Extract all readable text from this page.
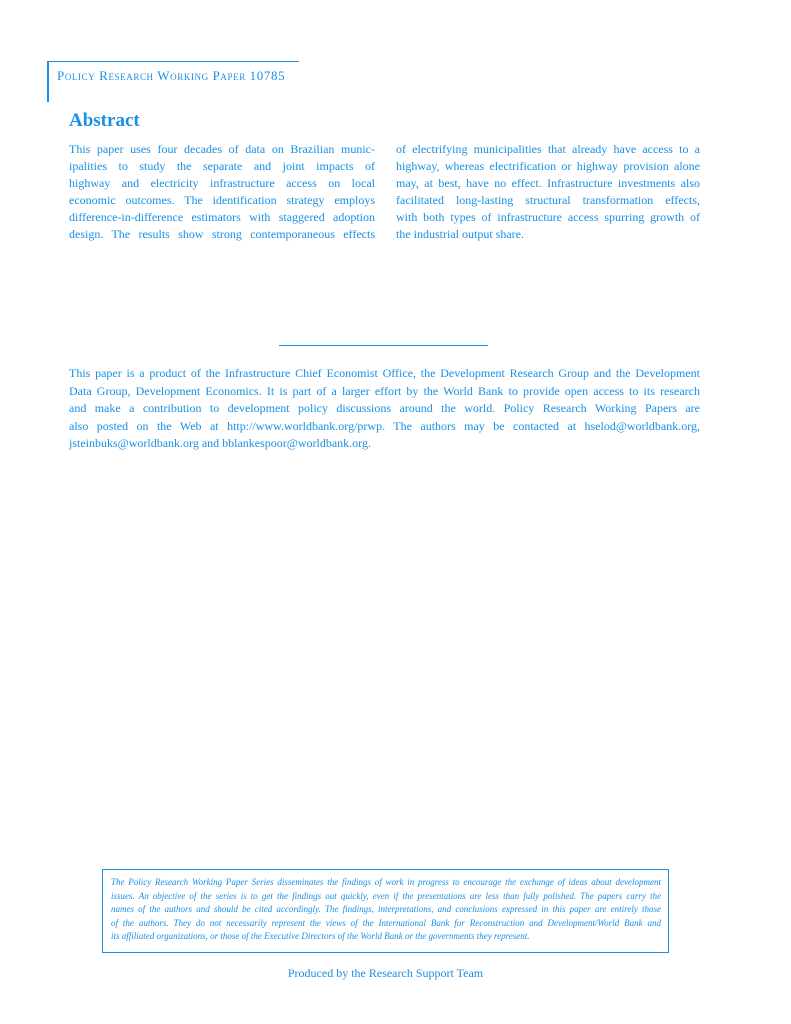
Policy Research Working Paper 10785
Abstract
This paper uses four decades of data on Brazilian munic-
ipalities to study the separate and joint impacts of
highway and electricity infrastructure access on local
economic outcomes. The identification strategy employs
difference-in-difference estimators with staggered adoption
design. The results show strong contemporaneous effects
of electrifying municipalities that already have access to a
highway, whereas electrification or highway provision alone
may, at best, have no effect. Infrastructure investments also
facilitated long-lasting structural transformation effects,
with both types of infrastructure access spurring growth of
the industrial output share.
This paper is a product of the Infrastructure Chief Economist Office, the Development Research Group and the Development
Data Group, Development Economics. It is part of a larger effort by the World Bank to provide open access to its research
and make a contribution to development policy discussions around the world. Policy Research Working Papers are
also posted on the Web at http://www.worldbank.org/prwp. The authors may be contacted at hselod@worldbank.org,
jsteinbuks@worldbank.org and bblankespoor@worldbank.org.
The Policy Research Working Paper Series disseminates the findings of work in progress to encourage the exchange of ideas about development
issues. An objective of the series is to get the findings out quickly, even if the presentations are less than fully polished. The papers carry the
names of the authors and should be cited accordingly. The findings, interpretations, and conclusions expressed in this paper are entirely those
of the authors. They do not necessarily represent the views of the International Bank for Reconstruction and Development/World Bank and
its affiliated organizations, or those of the Executive Directors of the World Bank or the governments they represent.
Produced by the Research Support Team
